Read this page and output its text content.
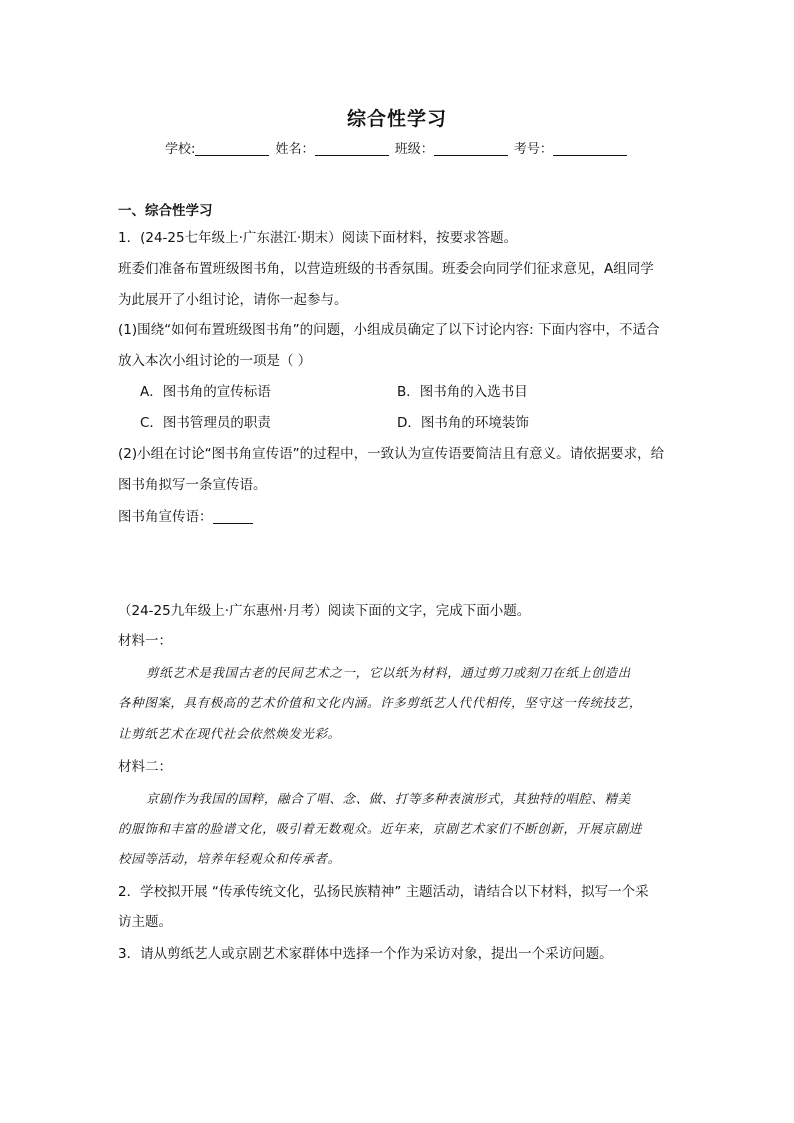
综合性学习
学校:	姓名：	班级：	考号：
一、综合性学习
1．(24-25七年级上·广东湛江·期末）阅读下面材料，按要求答题。
班委们准备布置班级图书角，以营造班级的书香氛围。班委会向同学们征求意见，A组同学
为此展开了小组讨论，请你一起参与。
(1)围绕“如何布置班级图书角”的问题，小组成员确定了以下讨论内容: 下面内容中，不适合
放入本次小组讨论的一项是（ ）
A．图书角的宣传标语	B．图书角的入选书目
C．图书管理员的职责	D．图书角的环境装饰
(2)小组在讨论“图书角宣传语”的过程中，一致认为宣传语要简洁且有意义。请依据要求，给
图书角拟写一条宣传语。
图书角宣传语：
（24-25九年级上·广东惠州·月考）阅读下面的文字，完成下面小题。
材料一：
剪纸艺术是我国古老的民间艺术之一，它以纸为材料，通过剪刀或刻刀在纸上创造出
各种图案，具有极高的艺术价值和文化内涵。许多剪纸艺人代代相传，坚守这一传统技艺，
让剪纸艺术在现代社会依然焕发光彩。
材料二：
京剧作为我国的国粹，融合了唱、念、做、打等多种表演形式，其独特的唱腔、精美
的服饰和丰富的脸谱文化，吸引着无数观众。近年来，京剧艺术家们不断创新，开展京剧进
校园等活动，培养年轻观众和传承者。
2．学校拟开展 “传承传统文化，弘扬民族精神” 主题活动，请结合以下材料，拟写一个采
访主题。
3．请从剪纸艺人或京剧艺术家群体中选择一个作为采访对象，提出一个采访问题。
